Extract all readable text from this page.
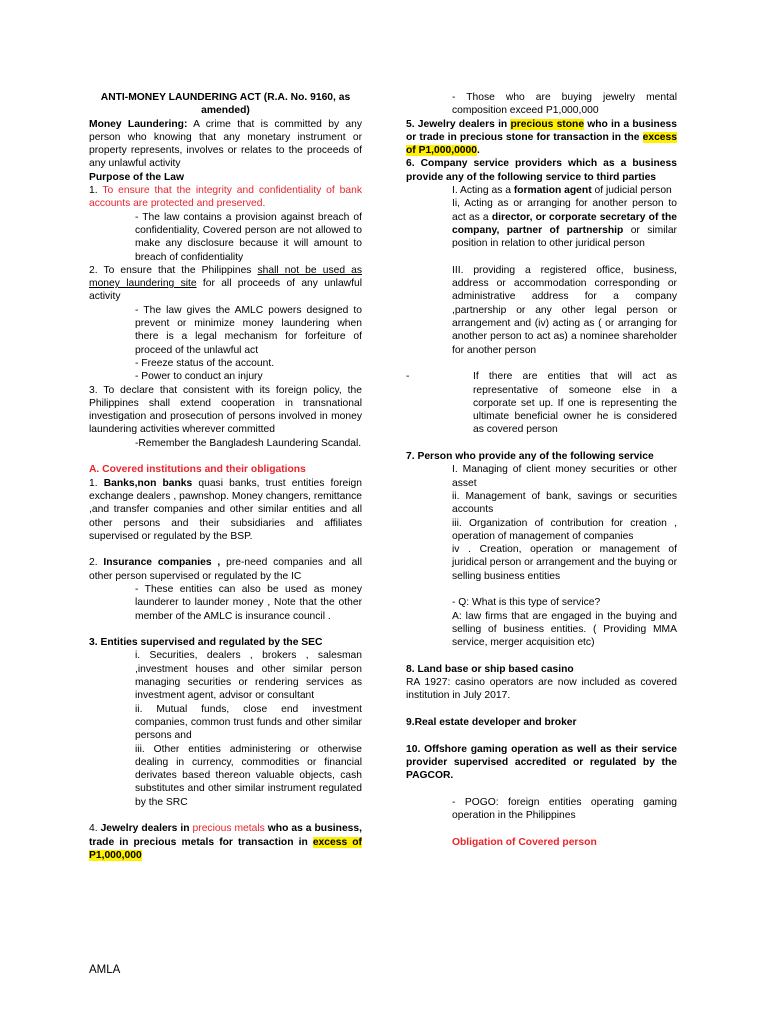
ANTI-MONEY LAUNDERING ACT (R.A. No. 9160, as amended)
Money Laundering: A crime that is committed by any person who knowing that any monetary instrument or property represents, involves or relates to the proceeds of any unlawful activity
Purpose of the Law
1. To ensure that the integrity and confidentiality of bank accounts are protected and preserved.
- The law contains a provision against breach of confidentiality, Covered person are not allowed to make any disclosure because it will amount to breach of confidentiality
2. To ensure that the Philippines shall not be used as money laundering site for all proceeds of any unlawful activity
- The law gives the AMLC powers designed to prevent or minimize money laundering when there is a legal mechanism for forfeiture of proceed of the unlawful act
- Freeze status of the account.
- Power to conduct an injury
3. To declare that consistent with its foreign policy, the Philippines shall extend cooperation in transnational investigation and prosecution of persons involved in money laundering activities wherever committed
-Remember the Bangladesh Laundering Scandal.
A. Covered institutions and their obligations
1. Banks,non banks quasi banks, trust entities foreign exchange dealers , pawnshop. Money changers, remittance ,and transfer companies and other similar entities and all other persons and their subsidiaries and affiliates supervised or regulated by the BSP.
2. Insurance companies , pre-need companies and all other person supervised or regulated by the IC
- These entities can also be used as money launderer to launder money , Note that the other member of the AMLC is insurance council .
3. Entities supervised and regulated by the SEC
i. Securities, dealers , brokers , salesman ,investment houses and other similar person managing securities or rendering services as investment agent, advisor or consultant
ii. Mutual funds, close end investment companies, common trust funds and other similar persons and
iii. Other entities administering or otherwise dealing in currency, commodities or financial derivates based thereon valuable objects, cash substitutes and other similar instrument regulated by the SRC
4. Jewelry dealers in precious metals who as a business, trade in precious metals for transaction in excess of P1,000,000
- Those who are buying jewelry mental composition exceed P1,000,000
5. Jewelry dealers in precious stone who in a business or trade in precious stone for transaction in the excess of P1,000,0000.
6. Company service providers which as a business provide any of the following service to third parties
I. Acting as a formation agent of judicial person
Ii, Acting as or arranging for another person to act as a director, or corporate secretary of the company, partner of partnership or similar position in relation to other juridical person
III. providing a registered office, business, address or accommodation corresponding or administrative address for a company ,partnership or any other legal person or arrangement and (iv) acting as ( or arranging for another person to act as) a nominee shareholder for another person
-	If there are entities that will act as representative of someone else in a corporate set up. If one is representing the ultimate beneficial owner he is considered as covered person
7. Person who provide any of the following service
I. Managing of client money securities or other asset
ii. Management of bank, savings or securities accounts
iii. Organization of contribution for creation , operation of management of companies
iv . Creation, operation or management of juridical person or arrangement and the buying or selling business entities
- Q: What is this type of service?
A: law firms that are engaged in the buying and selling of business entities. ( Providing MMA service, merger acquisition etc)
8. Land base or ship based casino
RA 1927: casino operators are now included as covered institution in July 2017.
9.Real estate developer and broker
10. Offshore gaming operation as well as their service provider supervised accredited or regulated by the PAGCOR.
- POGO: foreign entities operating gaming operation in the Philippines
Obligation of Covered person
AMLA
